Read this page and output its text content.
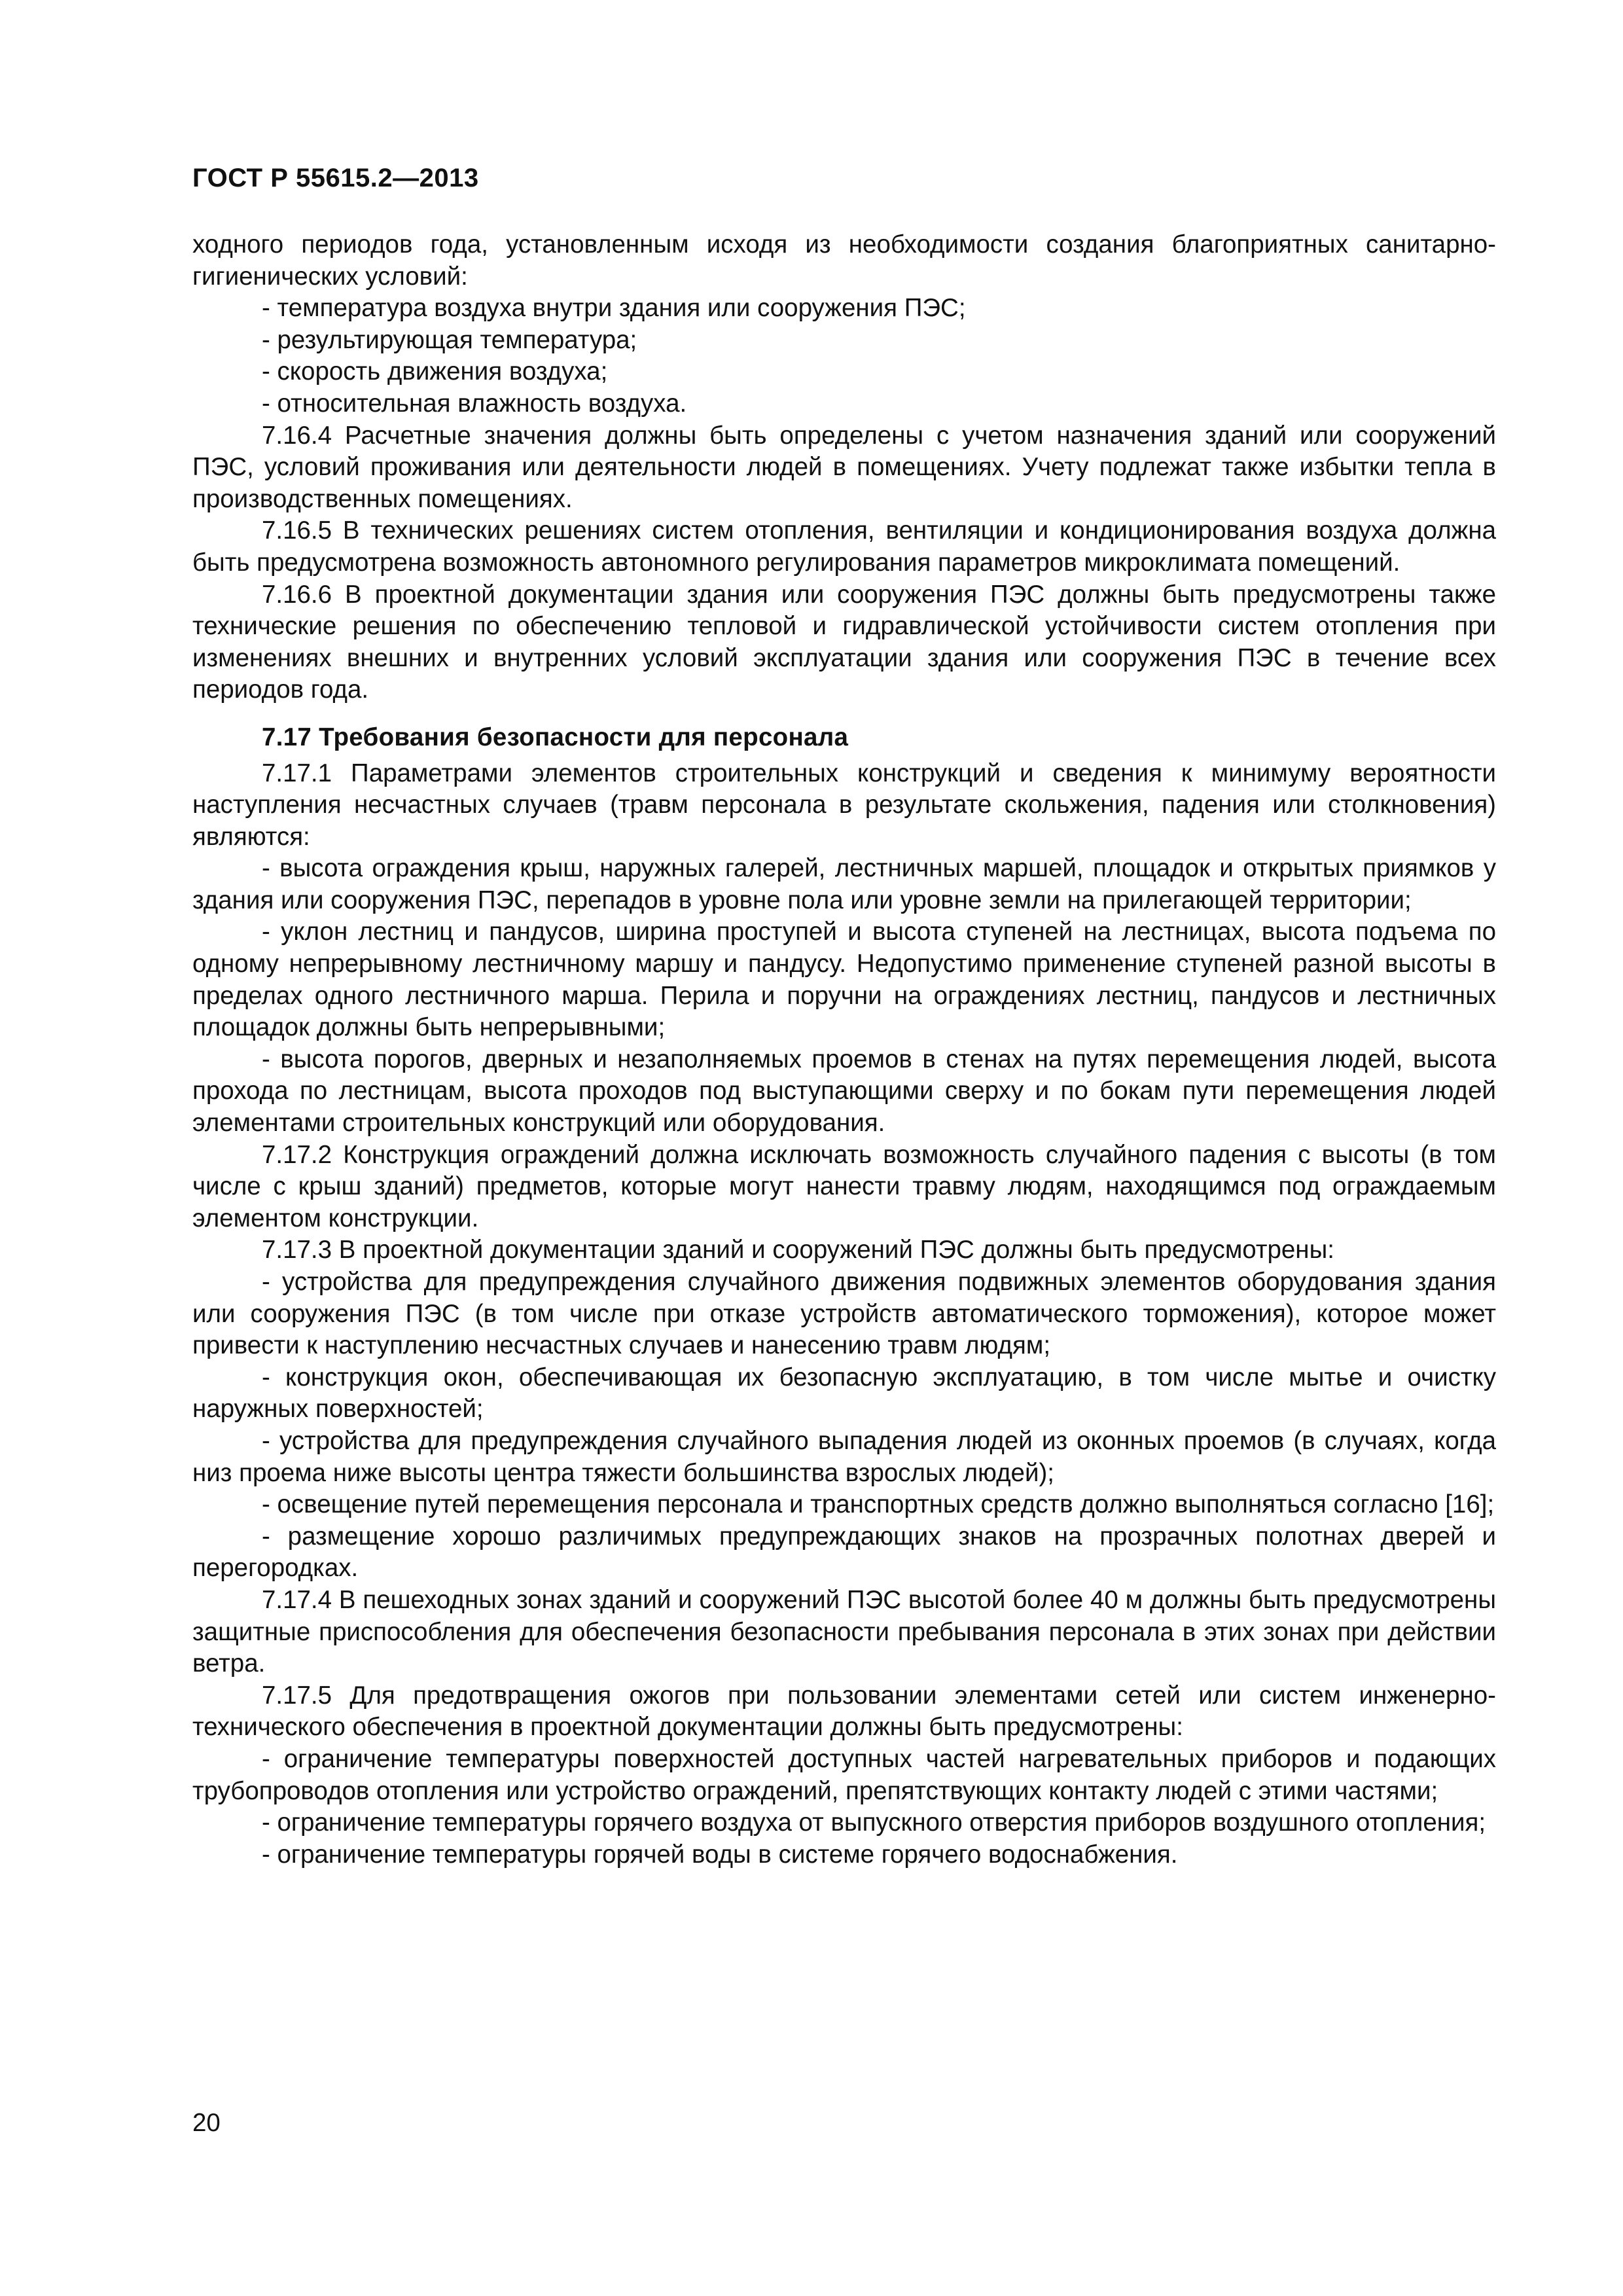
ГОСТ Р 55615.2—2013

ходного периодов года, установленным исходя из необходимости создания благоприятных санитарно-гигиенических условий:

- температура воздуха внутри здания или сооружения ПЭС;

- результирующая температура;

- скорость движения воздуха;

- относительная влажность воздуха.

7.16.4 Расчетные значения должны быть определены с учетом назначения зданий или сооружений ПЭС, условий проживания или деятельности людей в помещениях. Учету подлежат также избытки тепла в производственных помещениях.

7.16.5 В технических решениях систем отопления, вентиляции и кондиционирования воздуха должна быть предусмотрена возможность автономного регулирования параметров микроклимата помещений.

7.16.6 В проектной документации здания или сооружения ПЭС должны быть предусмотрены также технические решения по обеспечению тепловой и гидравлической устойчивости систем отопления при изменениях внешних и внутренних условий эксплуатации здания или сооружения ПЭС в течение всех периодов года.

7.17 Требования безопасности для персонала

7.17.1 Параметрами элементов строительных конструкций и сведения к минимуму вероятности наступления несчастных случаев (травм персонала в результате скольжения, падения или столкновения) являются:

- высота ограждения крыш, наружных галерей, лестничных маршей, площадок и открытых приямков у здания или сооружения ПЭС, перепадов в уровне пола или уровне земли на прилегающей территории;

- уклон лестниц и пандусов, ширина проступей и высота ступеней на лестницах, высота подъема по одному непрерывному лестничному маршу и пандусу. Недопустимо применение ступеней разной высоты в пределах одного лестничного марша. Перила и поручни на ограждениях лестниц, пандусов и лестничных площадок должны быть непрерывными;

- высота порогов, дверных и незаполняемых проемов в стенах на путях перемещения людей, высота прохода по лестницам, высота проходов под выступающими сверху и по бокам пути перемещения людей элементами строительных конструкций или оборудования.

7.17.2 Конструкция ограждений должна исключать возможность случайного падения с высоты (в том числе с крыш зданий) предметов, которые могут нанести травму людям, находящимся под ограждаемым элементом конструкции.

7.17.3 В проектной документации зданий и сооружений ПЭС должны быть предусмотрены:

- устройства для предупреждения случайного движения подвижных элементов оборудования здания или сооружения ПЭС (в том числе при отказе устройств автоматического торможения), которое может привести к наступлению несчастных случаев и нанесению травм людям;

- конструкция окон, обеспечивающая их безопасную эксплуатацию, в том числе мытье и очистку наружных поверхностей;

- устройства для предупреждения случайного выпадения людей из оконных проемов (в случаях, когда низ проема ниже высоты центра тяжести большинства взрослых людей);

- освещение путей перемещения персонала и транспортных средств должно выполняться согласно [16];

- размещение хорошо различимых предупреждающих знаков на прозрачных полотнах дверей и перегородках.

7.17.4 В пешеходных зонах зданий и сооружений ПЭС высотой более 40 м должны быть предусмотрены защитные приспособления для обеспечения безопасности пребывания персонала в этих зонах при действии ветра.

7.17.5 Для предотвращения ожогов при пользовании элементами сетей или систем инженерно-технического обеспечения в проектной документации должны быть предусмотрены:

- ограничение температуры поверхностей доступных частей нагревательных приборов и подающих трубопроводов отопления или устройство ограждений, препятствующих контакту людей с этими частями;

- ограничение температуры горячего воздуха от выпускного отверстия приборов воздушного отопления;

- ограничение температуры горячей воды в системе горячего водоснабжения.

20
